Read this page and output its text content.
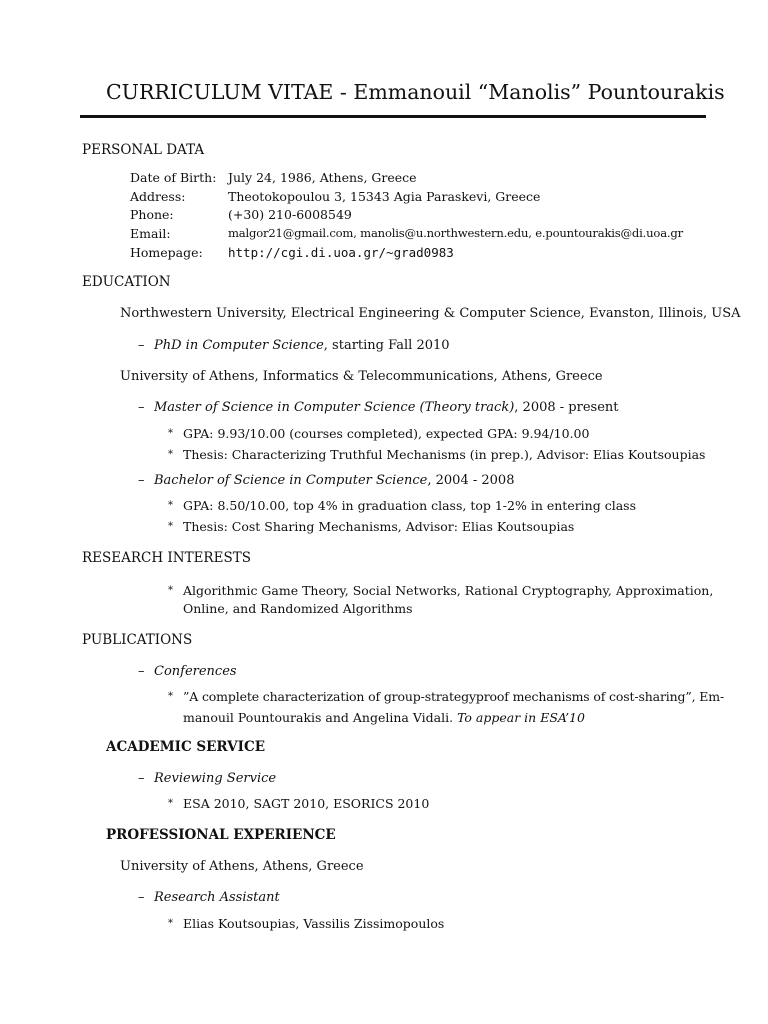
CURRICULUM VITAE - Emmanouil “Manolis” Pountourakis
PERSONAL DATA
Date of Birth: July 24, 1986, Athens, Greece
Address:	Theotokopoulou 3, 15343 Agia Paraskevi, Greece
Phone:	(+30) 210-6008549
Email:	malgor21@gmail.com, manolis@u.northwestern.edu, e.pountourakis@di.uoa.gr
Homepage: http://cgi.di.uoa.gr/~grad0983
EDUCATION
Northwestern University, Electrical Engineering & Computer Science, Evanston, Illinois, USA
– PhD in Computer Science, starting Fall 2010
University of Athens, Informatics & Telecommunications, Athens, Greece
– Master of Science in Computer Science (Theory track), 2008 - present
* GPA: 9.93/10.00 (courses completed), expected GPA: 9.94/10.00
* Thesis: Characterizing Truthful Mechanisms (in prep.), Advisor: Elias Koutsoupias
– Bachelor of Science in Computer Science, 2004 - 2008
* GPA: 8.50/10.00, top 4% in graduation class, top 1-2% in entering class
* Thesis: Cost Sharing Mechanisms, Advisor: Elias Koutsoupias
RESEARCH INTERESTS
* Algorithmic Game Theory, Social Networks, Rational Cryptography, Approximation,
Online, and Randomized Algorithms
PUBLICATIONS
– Conferences
* ”A complete characterization of group-strategyproof mechanisms of cost-sharing”, Em-
manouil Pountourakis and Angelina Vidali. To appear in ESA’10
ACADEMIC SERVICE
– Reviewing Service
* ESA 2010, SAGT 2010, ESORICS 2010
PROFESSIONAL EXPERIENCE
University of Athens, Athens, Greece
– Research Assistant
* Elias Koutsoupias, Vassilis Zissimopoulos
